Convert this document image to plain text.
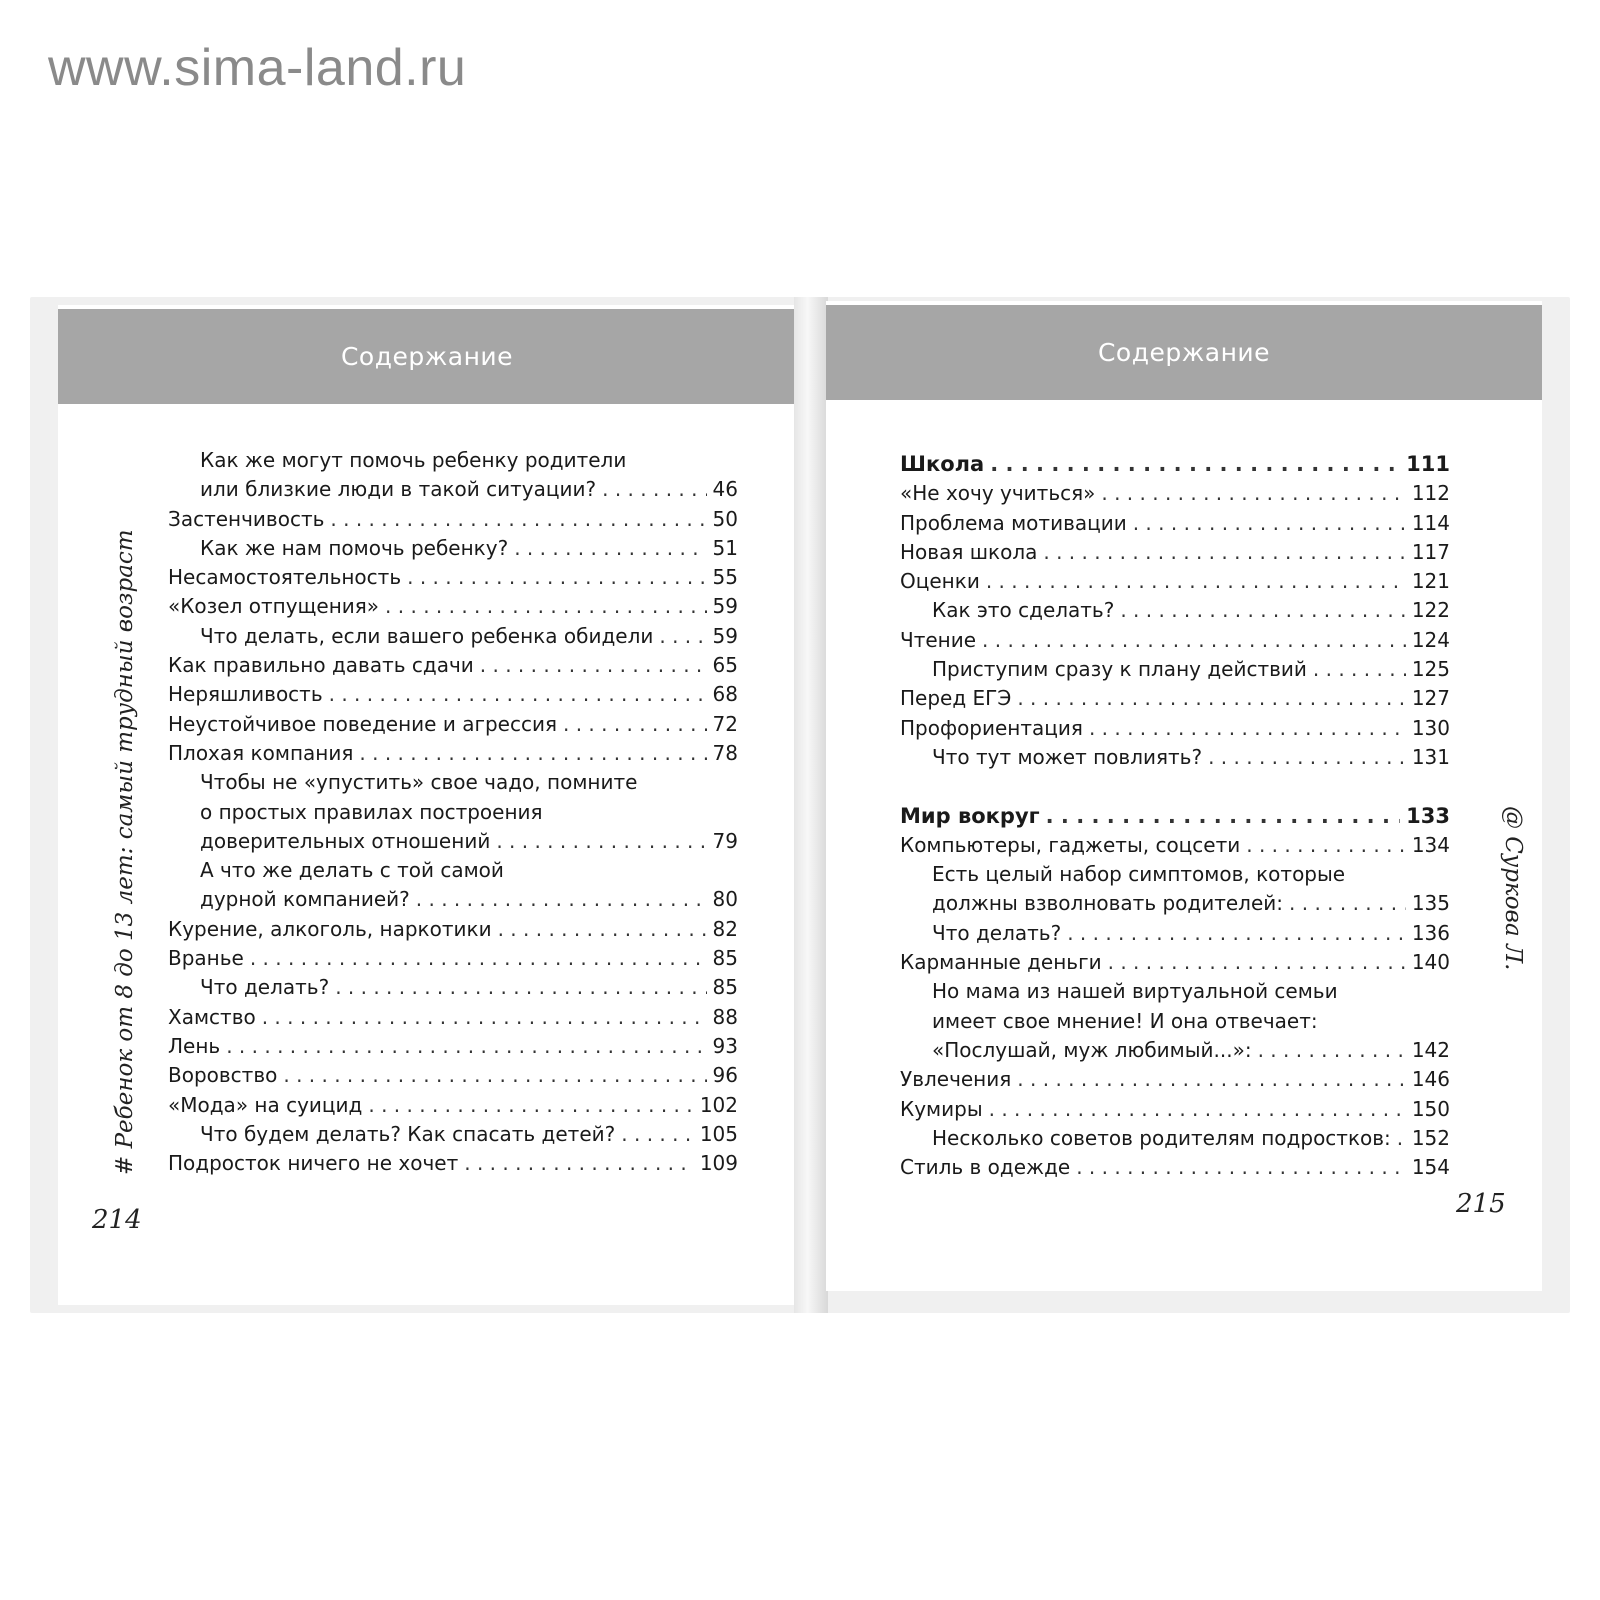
www.sima-land.ru
Содержание
Как же могут помочь ребенку родители
или близкие люди в такой ситуации? . . .	46
Застенчивость . . .	50
Как же нам помочь ребенку? . . .	51
Несамостоятельность . . .	55
«Козел отпущения» . . .	59
Что делать, если вашего ребенка обидели . . .	59
Как правильно давать сдачи . . .	65
Неряшливость . . .	68
Неустойчивое поведение и агрессия . . .	72
Плохая компания . . .	78
Чтобы не «упустить» свое чадо, помните
о простых правилах построения
доверительных отношений . . .	79
А что же делать с той самой
дурной компанией? . . .	80
Курение, алкоголь, наркотики . . .	82
Вранье . . .	85
Что делать? . . .	85
Хамство . . .	88
Лень . . .	93
Воровство . . .	96
«Мода» на суицид . . .	102
Что будем делать? Как спасать детей? . . .	105
Подросток ничего не хочет . . .	109
# Ребенок от 8 до 13 лет: самый трудный возраст
214
Содержание
Школа . . .	111
«Не хочу учиться» . . .	112
Проблема мотивации . . .	114
Новая школа . . .	117
Оценки . . .	121
Как это сделать? . . .	122
Чтение . . .	124
Приступим сразу к плану действий . . .	125
Перед ЕГЭ . . .	127
Профориентация . . .	130
Что тут может повлиять? . . .	131
Мир вокруг . . .	133
Компьютеры, гаджеты, соцсети . . .	134
Есть целый набор симптомов, которые
должны взволновать родителей: . . .	135
Что делать? . . .	136
Карманные деньги . . .	140
Но мама из нашей виртуальной семьи
имеет свое мнение! И она отвечает:
«Послушай, муж любимый...»: . . .	142
Увлечения . . .	146
Кумиры . . .	150
Несколько советов родителям подростков: . . . 152
Стиль в одежде . . .	154
@ Суркова Л.
215
